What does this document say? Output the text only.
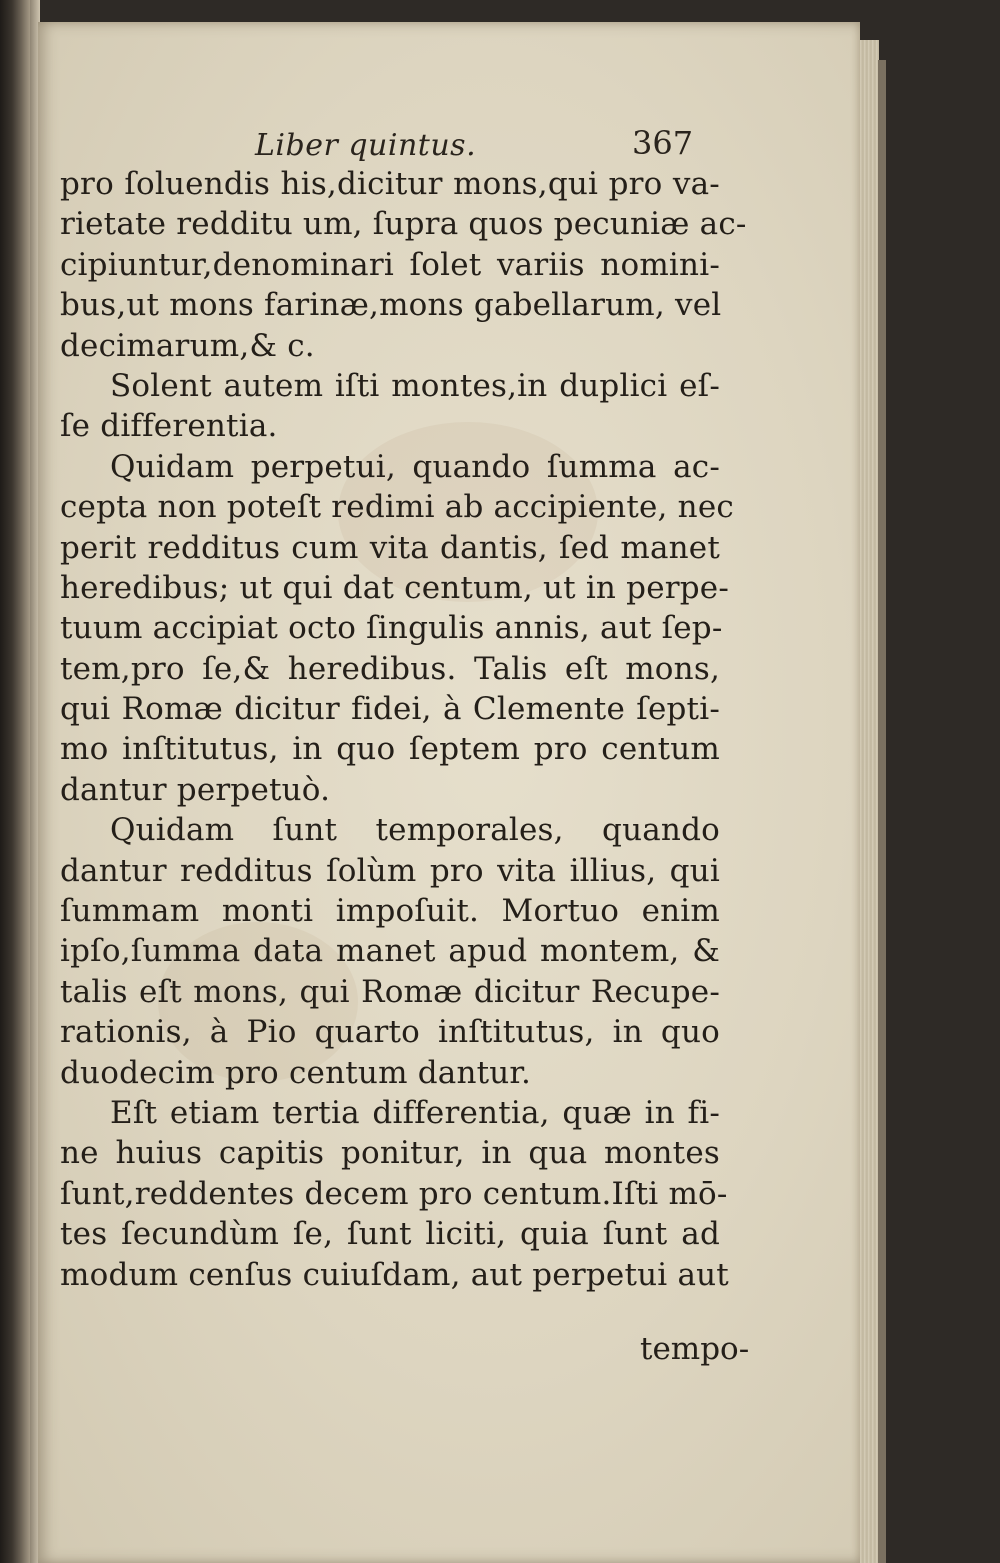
Liber quintus.	367
pro ſoluendis his,dicitur mons,qui pro va-
rietate redditu um, ſupra quos pecuniæ ac-
cipiuntur,denominari ſolet variis nomini-
bus,ut mons farinæ,mons gabellarum, vel
decimarum,& c.
Solent autem iſti montes,in duplici eſ-
ſe differentia.
Quidam perpetui, quando ſumma ac-
cepta non poteſt redimi ab accipiente, nec
perit redditus cum vita dantis, ſed manet
heredibus; ut qui dat centum, ut in perpe-
tuum accipiat octo ſingulis annis, aut ſep-
tem,pro ſe,& heredibus. Talis eſt mons,
qui Romæ dicitur fidei, à Clemente ſepti-
mo inſtitutus, in quo ſeptem pro centum
dantur perpetuò.
Quidam ſunt temporales, quando
dantur redditus ſolùm pro vita illius, qui
ſummam monti impoſuit. Mortuo enim
ipſo,ſumma data manet apud montem, &
talis eſt mons, qui Romæ dicitur Recupe-
rationis, à Pio quarto inſtitutus, in quo
duodecim pro centum dantur.
Eſt etiam tertia differentia, quæ in fi-
ne huius capitis ponitur, in qua montes
ſunt,reddentes decem pro centum.Iſti mō-
tes ſecundùm ſe, ſunt liciti, quia ſunt ad
modum cenſus cuiuſdam, aut perpetui aut
tempo-
